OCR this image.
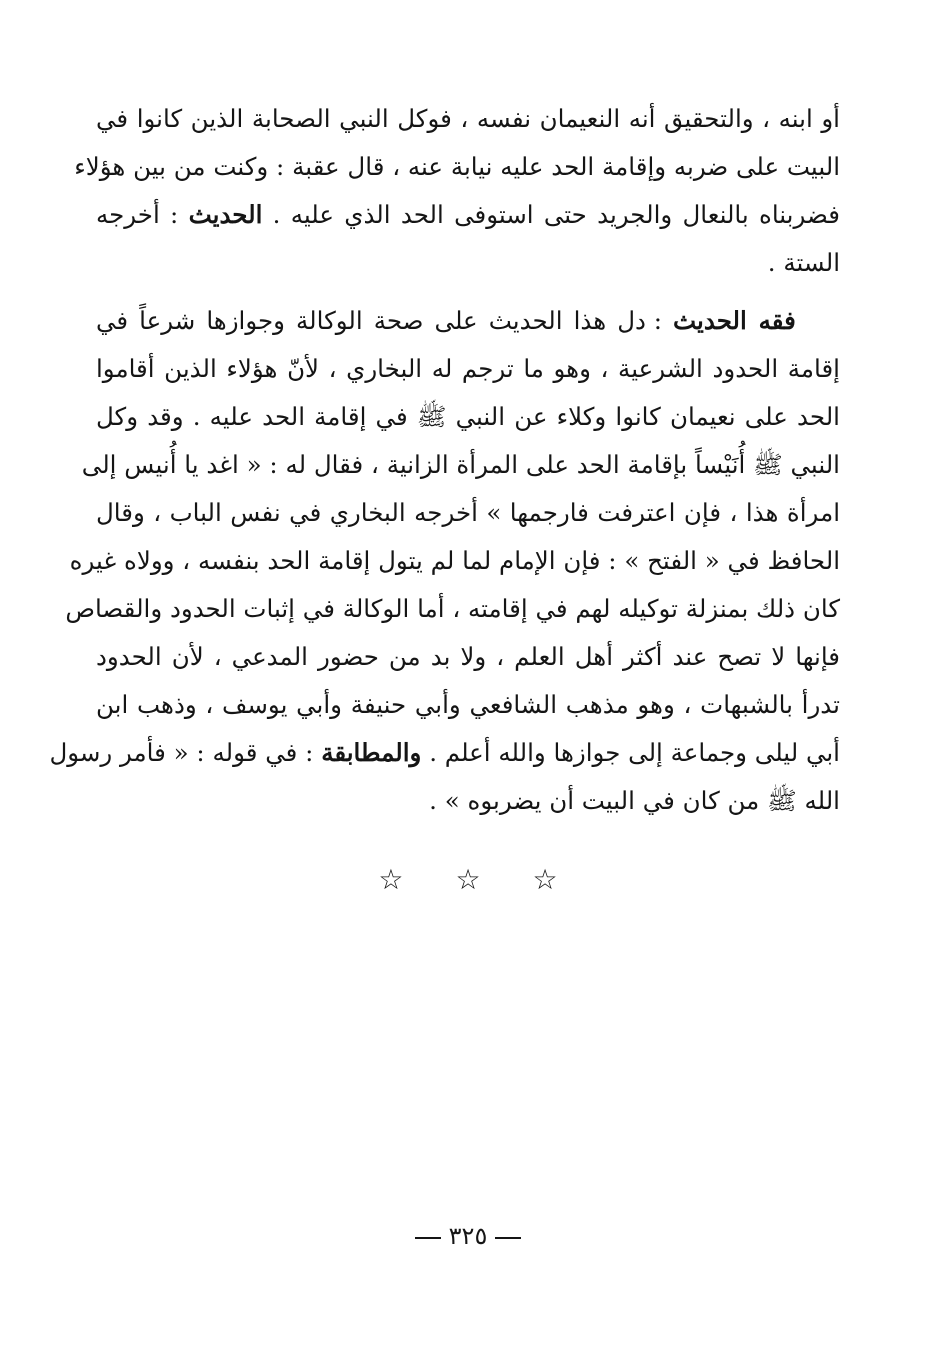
أو ابنه ، والتحقيق أنه النعيمان نفسه ، فوكل النبي الصحابة الذين كانوا في
البيت على ضربه وإقامة الحد عليه نيابة عنه ، قال عقبة : وكنت من بين هؤلاء
فضربناه بالنعال والجريد حتى استوفى الحد الذي عليه . الحديث : أخرجه
الستة .
فقه الحديث : دل هذا الحديث على صحة الوكالة وجوازها شرعاً في
إقامة الحدود الشرعية ، وهو ما ترجم له البخاري ، لأنّ هؤلاء الذين أقاموا
الحد على نعيمان كانوا وكلاء عن النبي ﷺ في إقامة الحد عليه . وقد وكل
النبي ﷺ أُنَيْساً بإقامة الحد على المرأة الزانية ، فقال له : « اغد يا أُنيس إلى
امرأة هذا ، فإن اعترفت فارجمها » أخرجه البخاري في نفس الباب ، وقال
الحافظ في « الفتح » : فإن الإمام لما لم يتول إقامة الحد بنفسه ، وولاه غيره
كان ذلك بمنزلة توكيله لهم في إقامته ، أما الوكالة في إثبات الحدود والقصاص
فإنها لا تصح عند أكثر أهل العلم ، ولا بد من حضور المدعي ، لأن الحدود
تدرأ بالشبهات ، وهو مذهب الشافعي وأبي حنيفة وأبي يوسف ، وذهب ابن
أبي ليلى وجماعة إلى جوازها والله أعلم . والمطابقة : في قوله : « فأمر رسول
الله ﷺ من كان في البيت أن يضربوه » .
☆☆☆
٣٢٥
